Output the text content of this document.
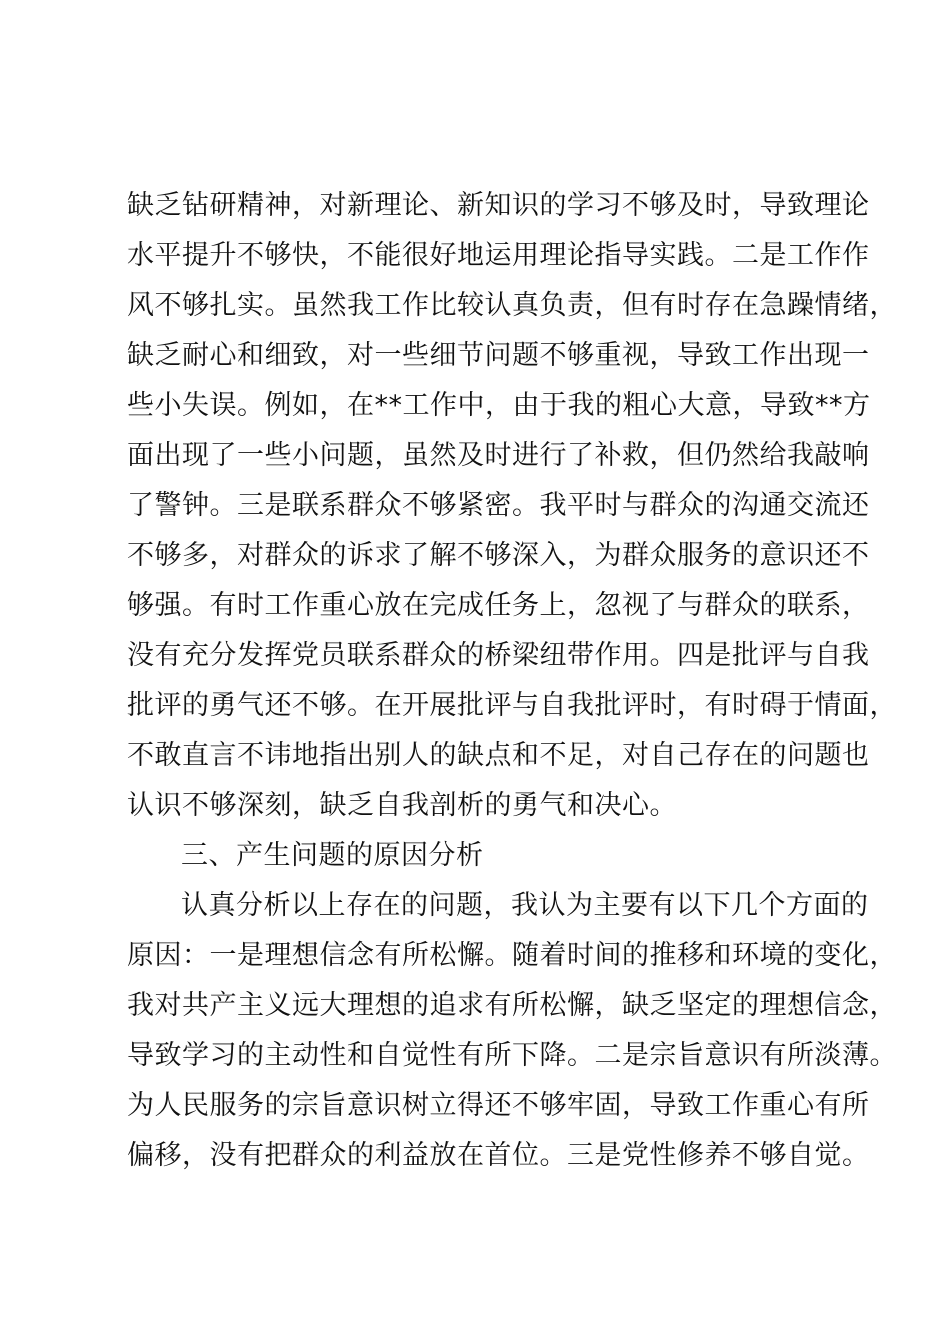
缺乏钻研精神，对新理论、新知识的学习不够及时，导致理论
水平提升不够快，不能很好地运用理论指导实践。二是工作作
风不够扎实。虽然我工作比较认真负责，但有时存在急躁情绪，
缺乏耐心和细致，对一些细节问题不够重视，导致工作出现一
些小失误。例如，在**工作中，由于我的粗心大意，导致**方
面出现了一些小问题，虽然及时进行了补救，但仍然给我敲响
了警钟。三是联系群众不够紧密。我平时与群众的沟通交流还
不够多，对群众的诉求了解不够深入，为群众服务的意识还不
够强。有时工作重心放在完成任务上，忽视了与群众的联系，
没有充分发挥党员联系群众的桥梁纽带作用。四是批评与自我
批评的勇气还不够。在开展批评与自我批评时，有时碍于情面，
不敢直言不讳地指出别人的缺点和不足，对自己存在的问题也
认识不够深刻，缺乏自我剖析的勇气和决心。
三、产生问题的原因分析
认真分析以上存在的问题，我认为主要有以下几个方面的
原因：一是理想信念有所松懈。随着时间的推移和环境的变化，
我对共产主义远大理想的追求有所松懈，缺乏坚定的理想信念，
导致学习的主动性和自觉性有所下降。二是宗旨意识有所淡薄。
为人民服务的宗旨意识树立得还不够牢固，导致工作重心有所
偏移，没有把群众的利益放在首位。三是党性修养不够自觉。
